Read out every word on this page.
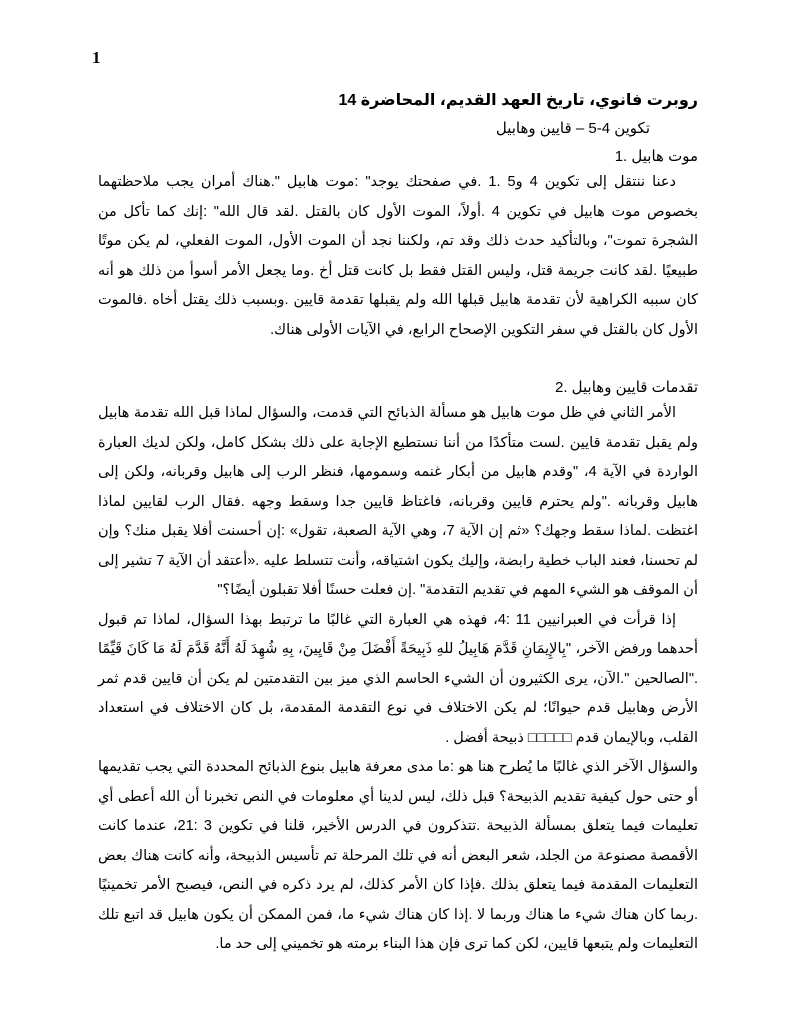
1
روبرت فانوي، تاريخ العهد القديم، المحاضرة 14
تكوين 4-5 – قايين وهابيل
موت هابيل .1

دعنا ننتقل إلى تكوين 4 و5 .1 .في صفحتك يوجد" :موت هابيل ".هناك أمران يجب ملاحظتهما بخصوص موت هابيل في تكوين 4 .أولاً، الموت الأول كان بالقتل .لقد قال الله" :إنك كما تأكل من الشجرة تموت"، وبالتأكيد حدث ذلك وقد تم، ولكننا نجد أن الموت الأول، الموت الفعلي، لم يكن موتًا طبيعيًا .لقد كانت جريمة قتل، وليس القتل فقط بل كانت قتل أخ .وما يجعل الأمر أسوأ من ذلك هو أنه كان سببه الكراهية لأن تقدمة هابيل قبلها الله ولم يقبلها تقدمة قايين .وبسبب ذلك يقتل أخاه .فالموت الأول كان بالقتل في سفر التكوين الإصحاح الرابع، في الآيات الأولى هناك.

تقدمات قايين وهابيل .2

الأمر الثاني في ظل موت هابيل هو مسألة الذبائح التي قدمت، والسؤال لماذا قبل الله تقدمة هابيل ولم يقبل تقدمة قايين .لست متأكدًا من أننا نستطيع الإجابة على ذلك بشكل كامل، ولكن لديك العبارة الواردة في الآية 4، "وقدم هابيل من أبكار غنمه وسمومها، فنظر الرب إلى هابيل وقربانه، ولكن إلى هابيل وقربانه ."ولم يحترم قايين وقربانه، فاغتاظ قايين جدا وسقط وجهه .فقال الرب لقايين لماذا اغتظت .لماذا سقط وجهك؟ «ثم إن الآية 7، وهي الآية الصعبة، تقول» :إن أحسنت أفلا يقبل منك؟ وإن لم تحسنا، فعند الباب خطية رابضة، وإليك يكون اشتياقه، وأنت تتسلط عليه .«أعتقد أن الآية 7 تشير إلى أن الموقف هو الشيء المهم في تقديم التقدمة" .إن فعلت حسنًا أفلا تقبلون أيضًا؟"

إذا قرأت في العبرانيين 11 :4، فهذه هي العبارة التي غالبًا ما ترتبط بهذا السؤال، لماذا تم قبول أحدهما ورفض الآخر، "بِالإِيمَانِ قَدَّمَ هَابِيلُ للهِ ذَبِيحَةً أَفْضَلَ مِنْ قَايِينَ، بِهِ شُهِدَ لَهُ أَنَّهُ قَدَّمَ لَهُ مَا كَانَ قَيِّمًا ."الصالحين ".الآن، يرى الكثيرون أن الشيء الحاسم الذي ميز بين التقدمتين لم يكن أن قايين قدم ثمر الأرض وهابيل قدم حيوانًا؛ لم يكن الاختلاف في نوع التقدمة المقدمة، بل كان الاختلاف في استعداد القلب، وبالإيمان قدم □□□□□ ذبيحة أفضل .

والسؤال الآخر الذي غالبًا ما يُطرح هنا هو :ما مدى معرفة هابيل بنوع الذبائح المحددة التي يجب تقديمها أو حتى حول كيفية تقديم الذبيحة؟ قبل ذلك، ليس لدينا أي معلومات في النص تخبرنا أن الله أعطى أي تعليمات فيما يتعلق بمسألة الذبيحة .تتذكرون في الدرس الأخير، قلنا في تكوين 3 :21، عندما كانت الأقمصة مصنوعة من الجلد، شعر البعض أنه في تلك المرحلة تم تأسيس الذبيحة، وأنه كانت هناك بعض التعليمات المقدمة فيما يتعلق بذلك .فإذا كان الأمر كذلك، لم يرد ذكره في النص، فيصبح الأمر تخمينيًا .ربما كان هناك شيء ما هناك وربما لا .إذا كان هناك شيء ما، فمن الممكن أن يكون هابيل قد اتبع تلك التعليمات ولم يتبعها قايين، لكن كما ترى فإن هذا البناء برمته هو تخميني إلى حد ما.
